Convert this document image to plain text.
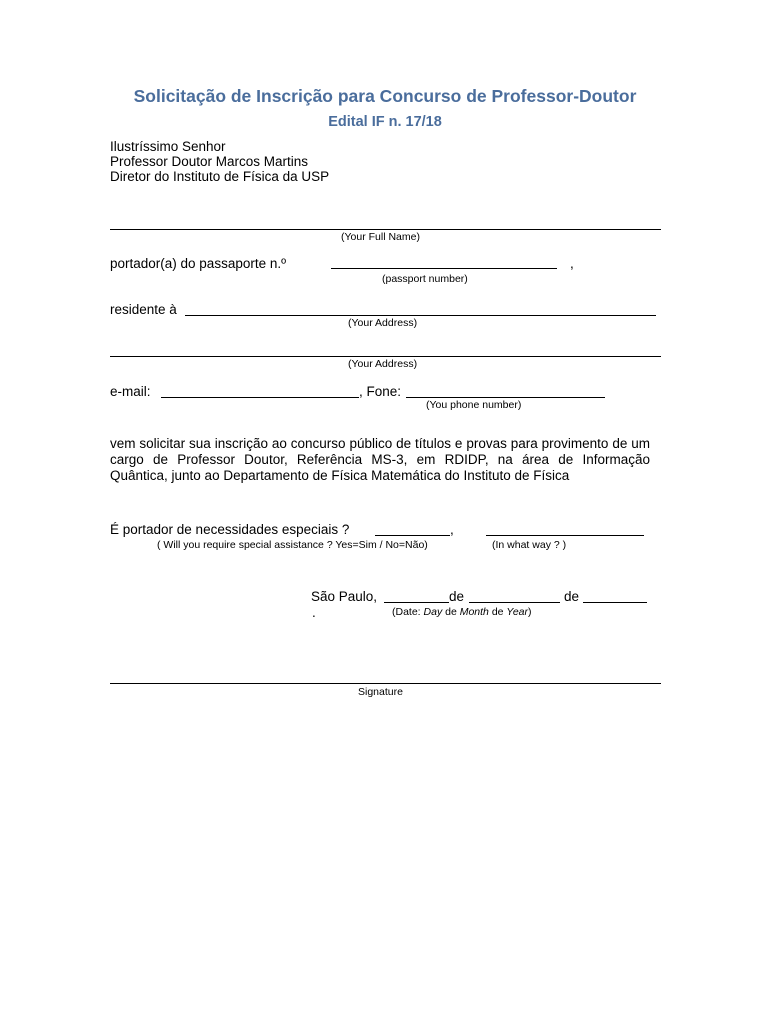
Solicitação de Inscrição para Concurso de Professor-Doutor
Edital IF n. 17/18
Ilustríssimo Senhor
Professor Doutor Marcos Martins
Diretor do Instituto de Física da USP
(Your Full Name)
portador(a) do passaporte n.º	,
(passport number)
residente à
(Your Address)
(Your Address)
e-mail:	, Fone:
(You phone number)
vem solicitar sua inscrição ao concurso público de títulos e provas para provimento de um cargo de Professor Doutor, Referência MS-3, em RDIDP, na área de Informação Quântica, junto ao Departamento de Física Matemática do Instituto de Física
É portador de necessidades especiais ?	,
( Will you require special assistance ? Yes=Sim / No=Não)	(In what way ? )
São Paulo,	de	de
.	(Date: Day de Month de Year)
Signature
